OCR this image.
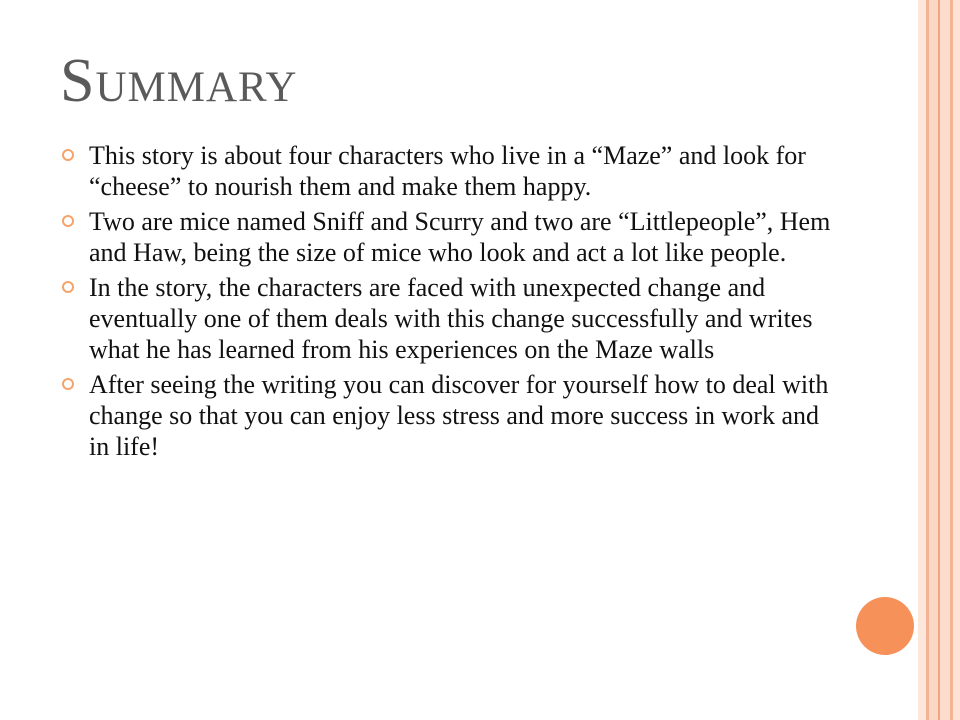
Summary
This story is about four characters who live in a “Maze” and look for “cheese” to nourish them and make them happy.
Two are mice named Sniff and Scurry and two are “Littlepeople”, Hem and Haw, being the size of mice who look and act a lot like people.
In the story, the characters are faced with unexpected change and eventually one of them deals with this change successfully and writes what he has learned from his experiences on the Maze walls
After seeing the writing you can discover for yourself how to deal with change so that you can enjoy less stress and more success in work and in life!
